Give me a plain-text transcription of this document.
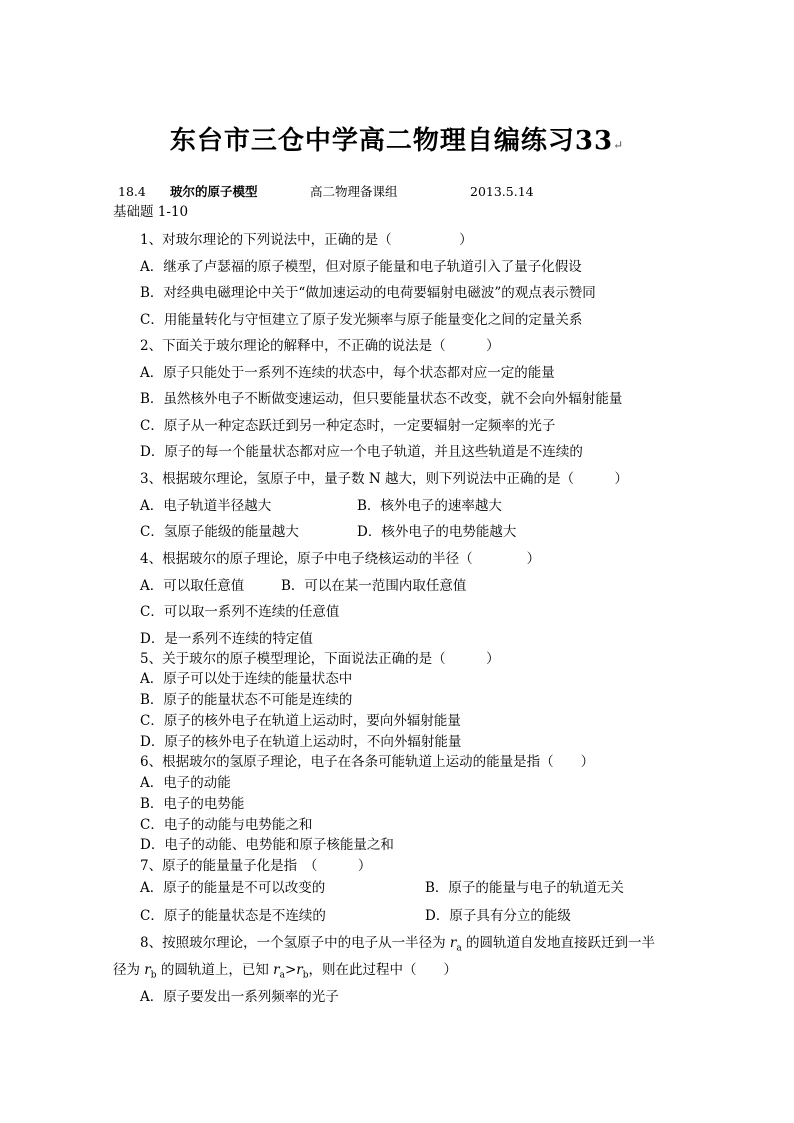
东台市三仓中学高二物理自编练习33↵
18.4 玻尔的原子模型	高二物理备课组	2013.5.14
基础题 1-10
1、对玻尔理论的下列说法中，正确的是（　　　　　）
A．继承了卢瑟福的原子模型，但对原子能量和电子轨道引入了量子化假设
B．对经典电磁理论中关于“做加速运动的电荷要辐射电磁波”的观点表示赞同
C．用能量转化与守恒建立了原子发光频率与原子能量变化之间的定量关系
2、下面关于玻尔理论的解释中，不正确的说法是（　　　）
A．原子只能处于一系列不连续的状态中，每个状态都对应一定的能量
B．虽然核外电子不断做变速运动，但只要能量状态不改变，就不会向外辐射能量
C．原子从一种定态跃迁到另一种定态时，一定要辐射一定频率的光子
D．原子的每一个能量状态都对应一个电子轨道，并且这些轨道是不连续的
3、根据玻尔理论，氢原子中，量子数 N 越大，则下列说法中正确的是（　　　）
A．电子轨道半径越大	B．核外电子的速率越大
C．氢原子能级的能量越大	D．核外电子的电势能越大
4、根据玻尔的原子理论，原子中电子绕核运动的半径（　　　　）
A．可以取任意值	B．可以在某一范围内取任意值
C．可以取一系列不连续的任意值
D．是一系列不连续的特定值
5、关于玻尔的原子模型理论，下面说法正确的是（　　　）
A．原子可以处于连续的能量状态中
B．原子的能量状态不可能是连续的
C．原子的核外电子在轨道上运动时，要向外辐射能量
D．原子的核外电子在轨道上运动时，不向外辐射能量
6、根据玻尔的氢原子理论，电子在各条可能轨道上运动的能量是指（　　）
A．电子的动能
B．电子的电势能
C．电子的动能与电势能之和
D．电子的动能、电势能和原子核能量之和
7、原子的能量量子化是指　（　　　）
A．原子的能量是不可以改变的	B．原子的能量与电子的轨道无关
C．原子的能量状态是不连续的	D．原子具有分立的能级
8、按照玻尔理论，一个氢原子中的电子从一半径为 $r_a$ 的圆轨道自发地直接跃迁到一半
径为 $r_b$ 的圆轨道上，已知 $r_a>r_b$，则在此过程中（　　）
A．原子要发出一系列频率的光子
